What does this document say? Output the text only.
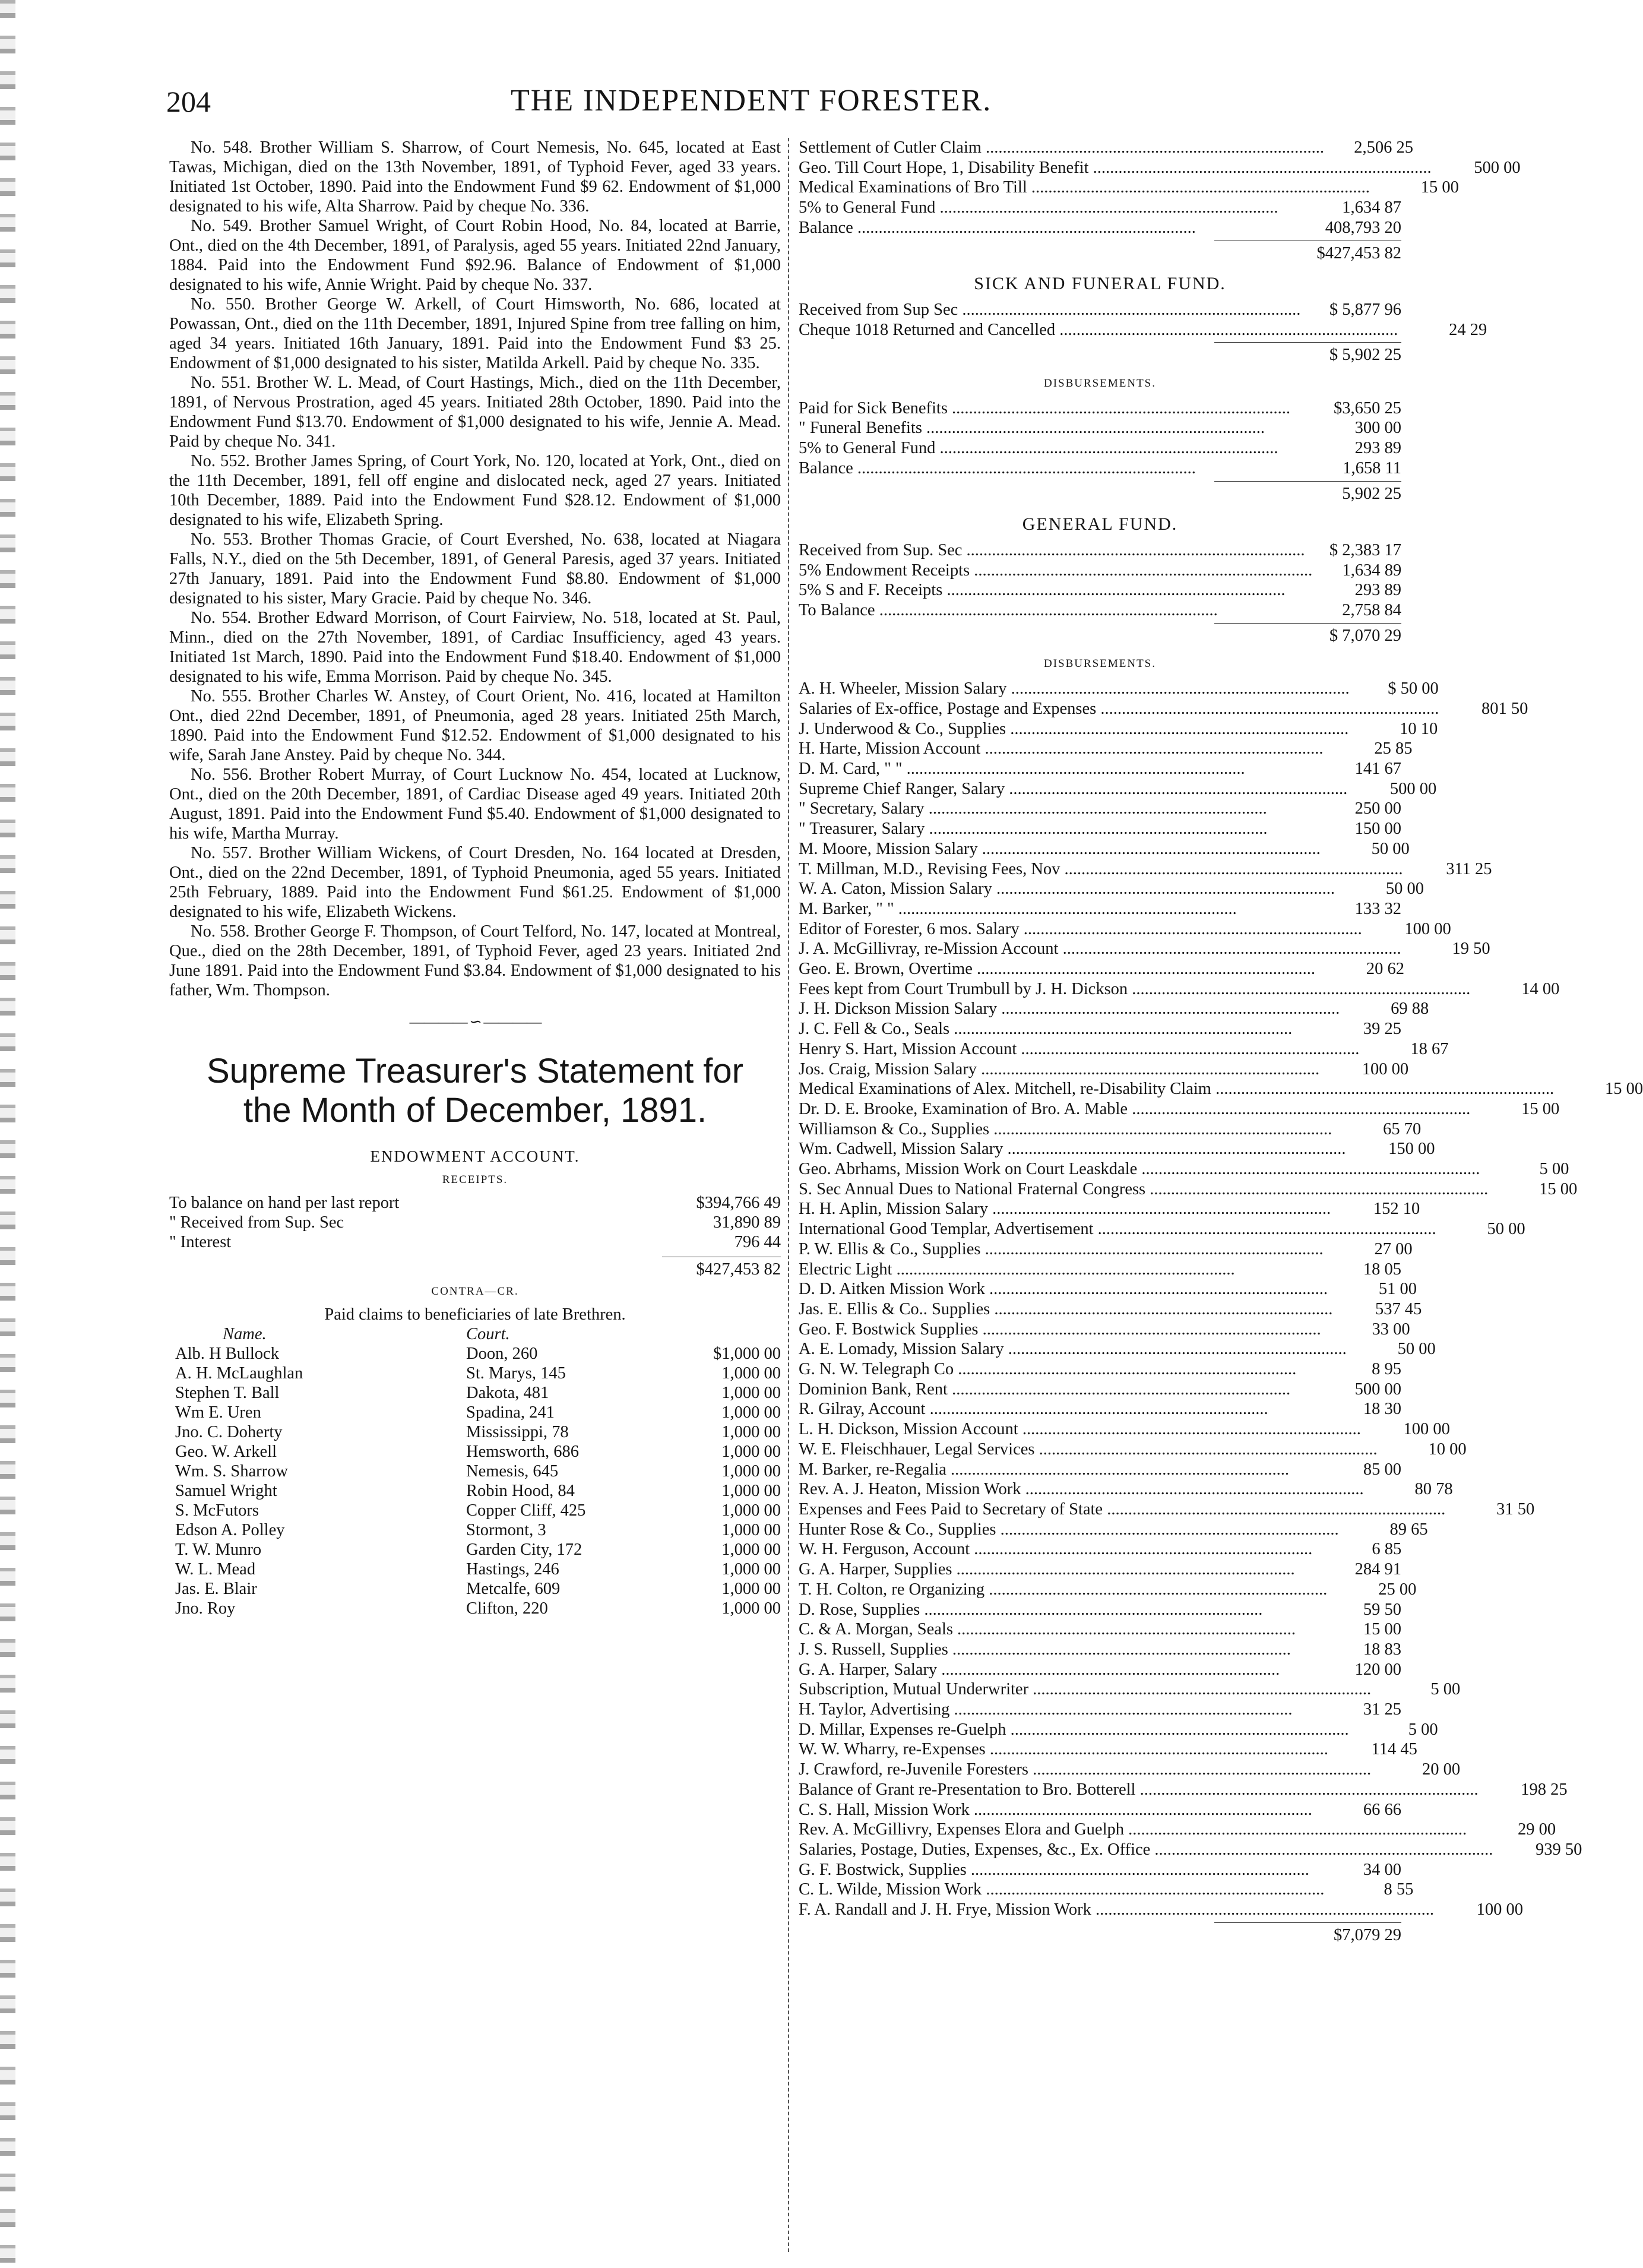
204	THE INDEPENDENT FORESTER.

No. 548. Brother William S. Sharrow, of Court Nemesis, No. 645, located at East Tawas, Michigan, died on the 13th November, 1891, of Typhoid Fever, aged 33 years. Initiated 1st October, 1890. Paid into the Endowment Fund $9 62. Endowment of $1,000 designated to his wife, Alta Sharrow. Paid by cheque No. 336.

No. 549. Brother Samuel Wright, of Court Robin Hood, No. 84, located at Barrie, Ont., died on the 4th December, 1891, of Paralysis, aged 55 years. Initiated 22nd January, 1884. Paid into the Endowment Fund $92.96. Balance of Endowment of $1,000 designated to his wife, Annie Wright. Paid by cheque No. 337.

No. 550. Brother George W. Arkell, of Court Himsworth, No. 686, located at Powassan, Ont., died on the 11th December, 1891, Injured Spine from tree falling on him, aged 34 years. Initiated 16th January, 1891. Paid into the Endowment Fund $3 25. Endowment of $1,000 designated to his sister, Matilda Arkell. Paid by cheque No. 335.

No. 551. Brother W. L. Mead, of Court Hastings, Mich., died on the 11th December, 1891, of Nervous Prostration, aged 45 years. Initiated 28th October, 1890. Paid into the Endowment Fund $13.70. Endowment of $1,000 designated to his wife, Jennie A. Mead. Paid by cheque No. 341.

No. 552. Brother James Spring, of Court York, No. 120, located at York, Ont., died on the 11th December, 1891, fell off engine and dislocated neck, aged 27 years. Initiated 10th December, 1889. Paid into the Endowment Fund $28.12. Endowment of $1,000 designated to his wife, Elizabeth Spring.

No. 553. Brother Thomas Gracie, of Court Evershed, No. 638, located at Niagara Falls, N.Y., died on the 5th December, 1891, of General Paresis, aged 37 years. Initiated 27th January, 1891. Paid into the Endowment Fund $8.80. Endowment of $1,000 designated to his sister, Mary Gracie. Paid by cheque No. 346.

No. 554. Brother Edward Morrison, of Court Fairview, No. 518, located at St. Paul, Minn., died on the 27th November, 1891, of Cardiac Insufficiency, aged 43 years. Initiated 1st March, 1890. Paid into the Endowment Fund $18.40. Endowment of $1,000 designated to his wife, Emma Morrison. Paid by cheque No. 345.

No. 555. Brother Charles W. Anstey, of Court Orient, No. 416, located at Hamilton Ont., died 22nd December, 1891, of Pneumonia, aged 28 years. Initiated 25th March, 1890. Paid into the Endowment Fund $12.52. Endowment of $1,000 designated to his wife, Sarah Jane Anstey. Paid by cheque No. 344.

No. 556. Brother Robert Murray, of Court Lucknow No. 454, located at Lucknow, Ont., died on the 20th December, 1891, of Cardiac Disease aged 49 years. Initiated 20th August, 1891. Paid into the Endowment Fund $5.40. Endowment of $1,000 designated to his wife, Martha Murray.

No. 557. Brother William Wickens, of Court Dresden, No. 164 located at Dresden, Ont., died on the 22nd December, 1891, of Typhoid Pneumonia, aged 55 years. Initiated 25th February, 1889. Paid into the Endowment Fund $61.25. Endowment of $1,000 designated to his wife, Elizabeth Wickens.

No. 558. Brother George F. Thompson, of Court Telford, No. 147, located at Montreal, Que., died on the 28th December, 1891, of Typhoid Fever, aged 23 years. Initiated 2nd June 1891. Paid into the Endowment Fund $3.84. Endowment of $1,000 designated to his father, Wm. Thompson.

———— ∽ ————
Supreme Treasurer's Statement for
the Month of December, 1891.
ENDOWMENT ACCOUNT.
RECEIPTS.
To balance on hand per last report	$394,766 49
" Received from Sup. Sec	31,890 89
" Interest	796 44
$427,453 82
CONTRA—CR.
Paid claims to beneficiaries of late Brethren.
Name.	Court.
Alb. H Bullock	Doon, 260	$1,000 00
A. H. McLaughlan	St. Marys, 145	1,000 00
Stephen T. Ball	Dakota, 481	1,000 00
Wm E. Uren	Spadina, 241	1,000 00
Jno. C. Doherty	Mississippi, 78	1,000 00
Geo. W. Arkell	Hemsworth, 686	1,000 00
Wm. S. Sharrow	Nemesis, 645	1,000 00
Samuel Wright	Robin Hood, 84	1,000 00
S. McFutors	Copper Cliff, 425	1,000 00
Edson A. Polley	Stormont, 3	1,000 00
T. W. Munro	Garden City, 172	1,000 00
W. L. Mead	Hastings, 246	1,000 00
Jas. E. Blair	Metcalfe, 609	1,000 00
Jno. Roy	Clifton, 220	1,000 00
Settlement of Cutler Claim ................................................................................	2,506 25
Geo. Till Court Hope, 1, Disability Benefit ................................................................................	500 00
Medical Examinations of Bro Till ................................................................................	15 00
5% to General Fund ................................................................................	1,634 87
Balance ................................................................................	408,793 20
$427,453 82
SICK AND FUNERAL FUND.
Received from Sup Sec ................................................................................	$ 5,877 96
Cheque 1018 Returned and Cancelled ................................................................................	24 29
$ 5,902 25
DISBURSEMENTS.
Paid for Sick Benefits ................................................................................	$3,650 25
" Funeral Benefits ................................................................................	300 00
5% to General Fund ................................................................................	293 89
Balance ................................................................................	1,658 11
5,902 25
GENERAL FUND.
Received from Sup. Sec ................................................................................	$ 2,383 17
5% Endowment Receipts ................................................................................	1,634 89
5% S and F. Receipts ................................................................................	293 89
To Balance ................................................................................	2,758 84
$ 7,070 29
DISBURSEMENTS.
A. H. Wheeler, Mission Salary ................................................................................	$ 50 00
Salaries of Ex-office, Postage and Expenses ................................................................................	801 50
J. Underwood & Co., Supplies ................................................................................	10 10
H. Harte, Mission Account ................................................................................	25 85
D. M. Card, " " ................................................................................	141 67
Supreme Chief Ranger, Salary ................................................................................	500 00
" Secretary, Salary ................................................................................	250 00
" Treasurer, Salary ................................................................................	150 00
M. Moore, Mission Salary ................................................................................	50 00
T. Millman, M.D., Revising Fees, Nov ................................................................................	311 25
W. A. Caton, Mission Salary ................................................................................	50 00
M. Barker, " " ................................................................................	133 32
Editor of Forester, 6 mos. Salary ................................................................................	100 00
J. A. McGillivray, re-Mission Account ................................................................................	19 50
Geo. E. Brown, Overtime ................................................................................	20 62
Fees kept from Court Trumbull by J. H. Dickson ................................................................................	14 00
J. H. Dickson Mission Salary ................................................................................	69 88
J. C. Fell & Co., Seals ................................................................................	39 25
Henry S. Hart, Mission Account ................................................................................	18 67
Jos. Craig, Mission Salary ................................................................................	100 00
Medical Examinations of Alex. Mitchell, re-Disability Claim ................................................................................	15 00
Dr. D. E. Brooke, Examination of Bro. A. Mable ................................................................................	15 00
Williamson & Co., Supplies ................................................................................	65 70
Wm. Cadwell, Mission Salary ................................................................................	150 00
Geo. Abrhams, Mission Work on Court Leaskdale ................................................................................	5 00
S. Sec Annual Dues to National Fraternal Congress ................................................................................	15 00
H. H. Aplin, Mission Salary ................................................................................	152 10
International Good Templar, Advertisement ................................................................................	50 00
P. W. Ellis & Co., Supplies ................................................................................	27 00
Electric Light ................................................................................	18 05
D. D. Aitken Mission Work ................................................................................	51 00
Jas. E. Ellis & Co.. Supplies ................................................................................	537 45
Geo. F. Bostwick Supplies ................................................................................	33 00
A. E. Lomady, Mission Salary ................................................................................	50 00
G. N. W. Telegraph Co ................................................................................	8 95
Dominion Bank, Rent ................................................................................	500 00
R. Gilray, Account ................................................................................	18 30
L. H. Dickson, Mission Account ................................................................................	100 00
W. E. Fleischhauer, Legal Services ................................................................................	10 00
M. Barker, re-Regalia ................................................................................	85 00
Rev. A. J. Heaton, Mission Work ................................................................................	80 78
Expenses and Fees Paid to Secretary of State ................................................................................	31 50
Hunter Rose & Co., Supplies ................................................................................	89 65
W. H. Ferguson, Account ................................................................................	6 85
G. A. Harper, Supplies ................................................................................	284 91
T. H. Colton, re Organizing ................................................................................	25 00
D. Rose, Supplies ................................................................................	59 50
C. & A. Morgan, Seals ................................................................................	15 00
J. S. Russell, Supplies ................................................................................	18 83
G. A. Harper, Salary ................................................................................	120 00
Subscription, Mutual Underwriter ................................................................................	5 00
H. Taylor, Advertising ................................................................................	31 25
D. Millar, Expenses re-Guelph ................................................................................	5 00
W. W. Wharry, re-Expenses ................................................................................	114 45
J. Crawford, re-Juvenile Foresters ................................................................................	20 00
Balance of Grant re-Presentation to Bro. Botterell ................................................................................	198 25
C. S. Hall, Mission Work ................................................................................	66 66
Rev. A. McGillivry, Expenses Elora and Guelph ................................................................................	29 00
Salaries, Postage, Duties, Expenses, &c., Ex. Office ................................................................................	939 50
G. F. Bostwick, Supplies ................................................................................	34 00
C. L. Wilde, Mission Work ................................................................................	8 55
F. A. Randall and J. H. Frye, Mission Work ................................................................................	100 00
$7,079 29
